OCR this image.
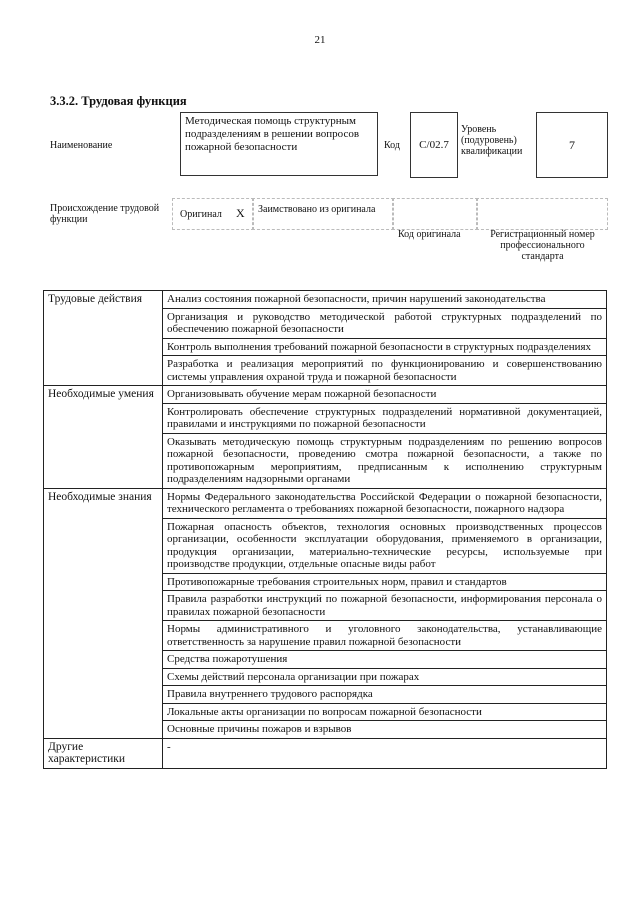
21
3.3.2. Трудовая функция
Наименование
Методическая помощь структурным подразделениям в решении вопросов пожарной безопасности	Код	С/02.7
Уровень (подуровень) квалификации	7
Происхождение трудовой функции	Оригинал X Заимствовано из оригинала
Код оригинала	Регистрационный номер профессионального стандарта
Трудовые действия	Анализ состояния пожарной безопасности, причин нарушений законодательства
	Организация и руководство методической работой структурных подразделений по обеспечению пожарной безопасности
	Контроль выполнения требований пожарной безопасности в структурных подразделениях
	Разработка и реализация мероприятий по функционированию и совершенствованию системы управления охраной труда и пожарной безопасности
Необходимые умения	Организовывать обучение мерам пожарной безопасности
	Контролировать обеспечение структурных подразделений нормативной документацией, правилами и инструкциями по пожарной безопасности
	Оказывать методическую помощь структурным подразделениям по решению вопросов пожарной безопасности, проведению смотра пожарной безопасности, а также по противопожарным мероприятиям, предписанным к исполнению структурным подразделениям надзорными органами
Необходимые знания	Нормы Федерального законодательства Российской Федерации о пожарной безопасности, технического регламента о требованиях пожарной безопасности, пожарного надзора
	Пожарная опасность объектов, технология основных производственных процессов организации, особенности эксплуатации оборудования, применяемого в организации, продукция организации, материально-технические ресурсы, используемые при производстве продукции, отдельные опасные виды работ
	Противопожарные требования строительных норм, правил и стандартов
	Правила разработки инструкций по пожарной безопасности, информирования персонала о правилах пожарной безопасности
	Нормы административного и уголовного законодательства, устанавливающие ответственность за нарушение правил пожарной безопасности
	Средства пожаротушения
	Схемы действий персонала организации при пожарах
	Правила внутреннего трудового распорядка
	Локальные акты организации по вопросам пожарной безопасности
	Основные причины пожаров и взрывов
Другие характеристики	-
